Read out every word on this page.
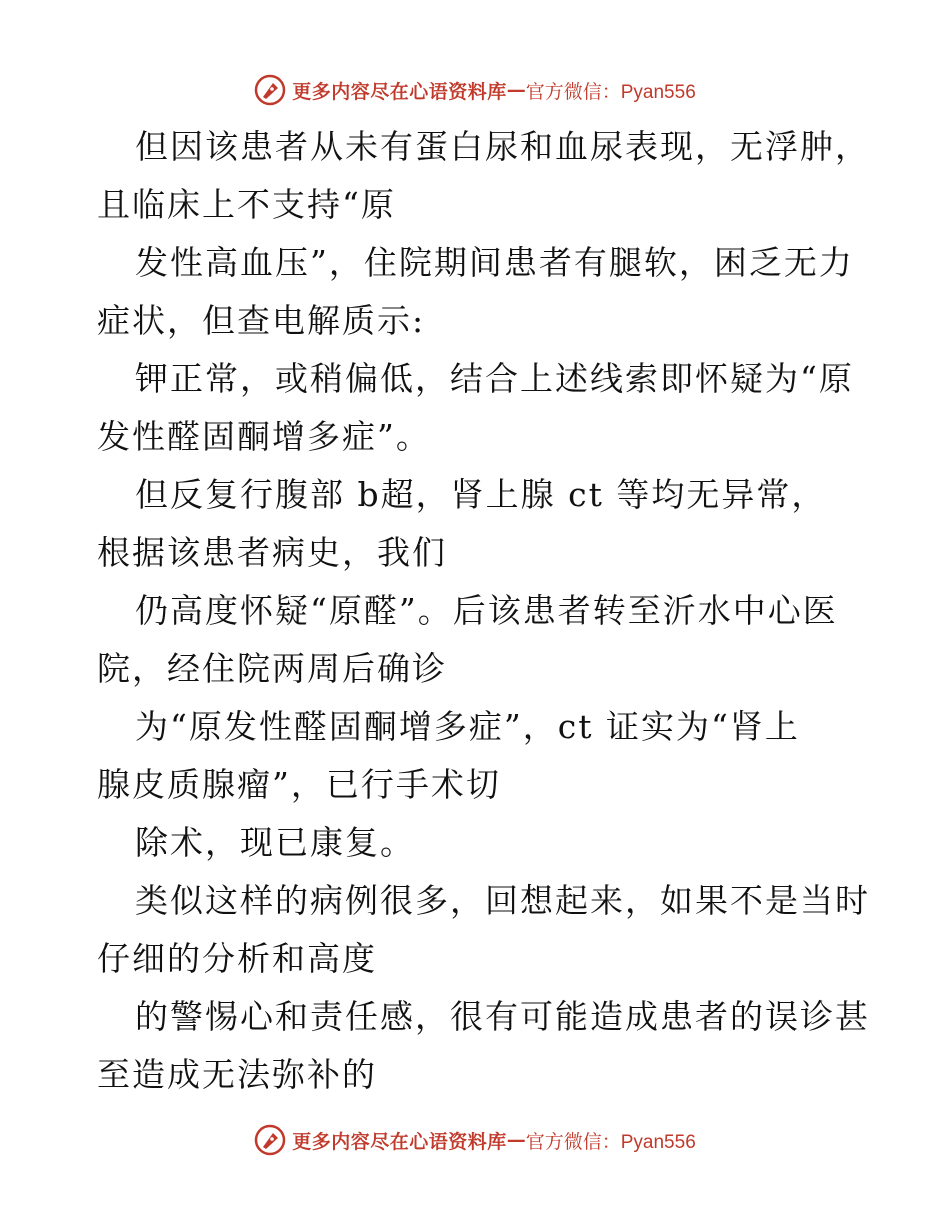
更多内容尽在心语资料库 — 官方微信：Pyan556

但因该患者从未有蛋白尿和血尿表现，无浮肿，
且临床上不支持“原

发性高血压”，住院期间患者有腿软，困乏无力
症状，但查电解质示:

钾正常，或稍偏低，结合上述线索即怀疑为“原
发性醛固酮增多症”。

但反复行腹部 b超，肾上腺 ct 等均无异常，
根据该患者病史，我们

仍高度怀疑“原醛”。后该患者转至沂水中心医
院，经住院两周后确诊

为“原发性醛固酮增多症”，ct 证实为“肾上
腺皮质腺瘤”，已行手术切

除术，现已康复。

类似这样的病例很多，回想起来，如果不是当时
仔细的分析和高度

的警惕心和责任感，很有可能造成患者的误诊甚
至造成无法弥补的

更多内容尽在心语资料库 — 官方微信：Pyan556
